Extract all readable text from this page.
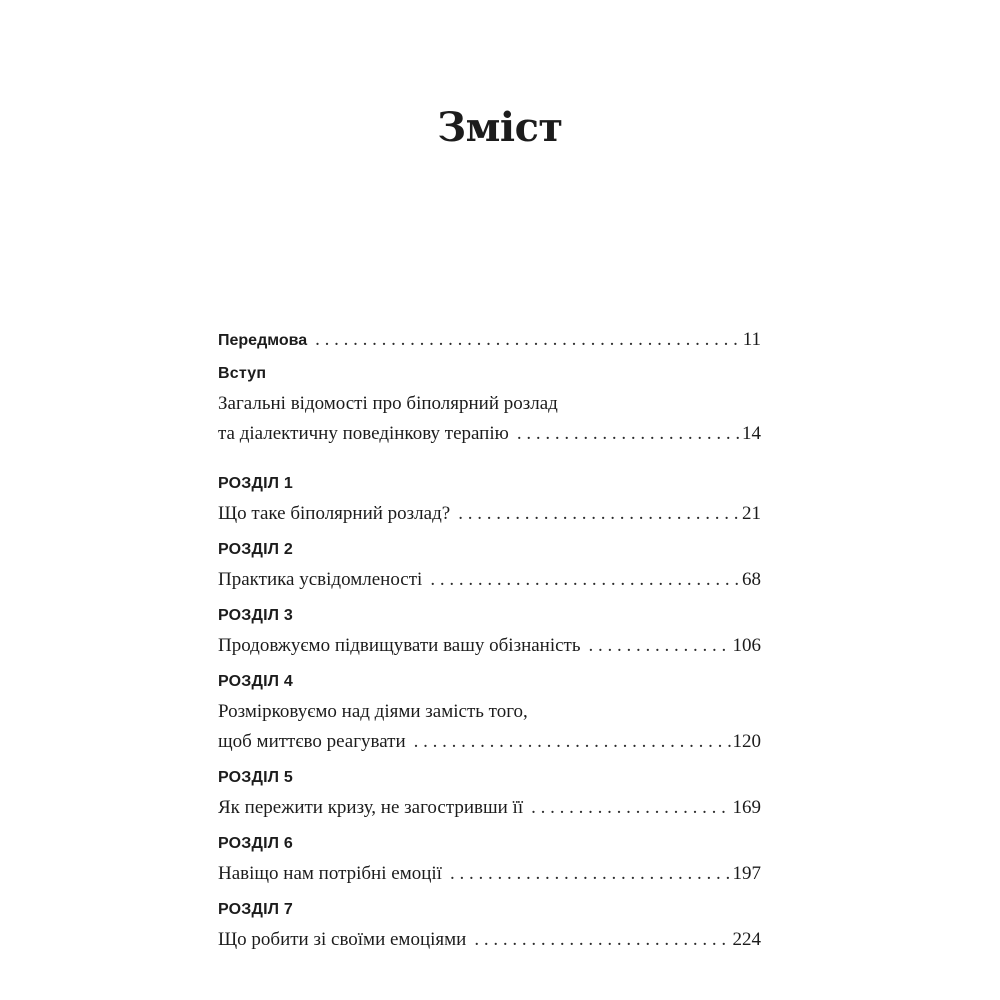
Зміст
Передмова . . .	11
Вступ
Загальні відомості про біполярний розлад
та діалектичну поведінкову терапію . . .	14
РОЗДІЛ 1
Що таке біполярний розлад? . . .	21
РОЗДІЛ 2
Практика усвідомленості . . .	68
РОЗДІЛ 3
Продовжуємо підвищувати вашу обізнаність . . .	106
РОЗДІЛ 4
Розмірковуємо над діями замість того,
щоб миттєво реагувати . . .	120
РОЗДІЛ 5
Як пережити кризу, не загостривши її . . .	169
РОЗДІЛ 6
Навіщо нам потрібні емоції . . .	197
РОЗДІЛ 7
Що робити зі своїми емоціями . . .	224
